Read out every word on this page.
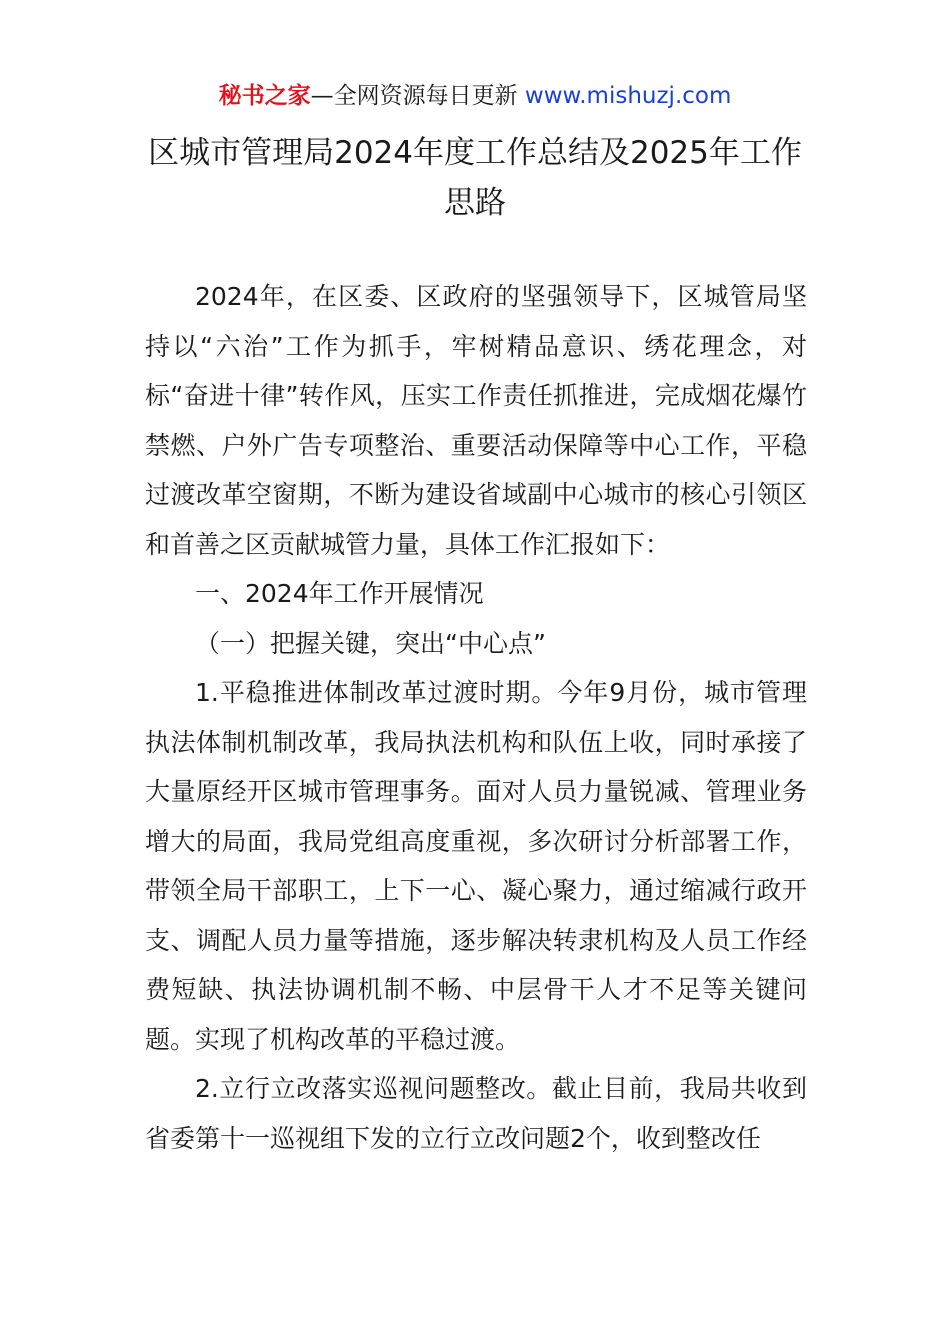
秘书之家—全网资源每日更新 www.mishuzj.com
区城市管理局2024年度工作总结及2025年工作思路

2024年，在区委、区政府的坚强领导下，区城管局坚持以“六治”工作为抓手，牢树精品意识、绣花理念，对标“奋进十律”转作风，压实工作责任抓推进，完成烟花爆竹禁燃、户外广告专项整治、重要活动保障等中心工作，平稳过渡改革空窗期，不断为建设省域副中心城市的核心引领区和首善之区贡献城管力量，具体工作汇报如下：

一、2024年工作开展情况

（一）把握关键，突出“中心点”

1.平稳推进体制改革过渡时期。今年9月份，城市管理执法体制机制改革，我局执法机构和队伍上收，同时承接了大量原经开区城市管理事务。面对人员力量锐减、管理业务增大的局面，我局党组高度重视，多次研讨分析部署工作，带领全局干部职工，上下一心、凝心聚力，通过缩减行政开支、调配人员力量等措施，逐步解决转隶机构及人员工作经费短缺、执法协调机制不畅、中层骨干人才不足等关键问题。实现了机构改革的平稳过渡。

2.立行立改落实巡视问题整改。截止目前，我局共收到省委第十一巡视组下发的立行立改问题2个，收到整改任
